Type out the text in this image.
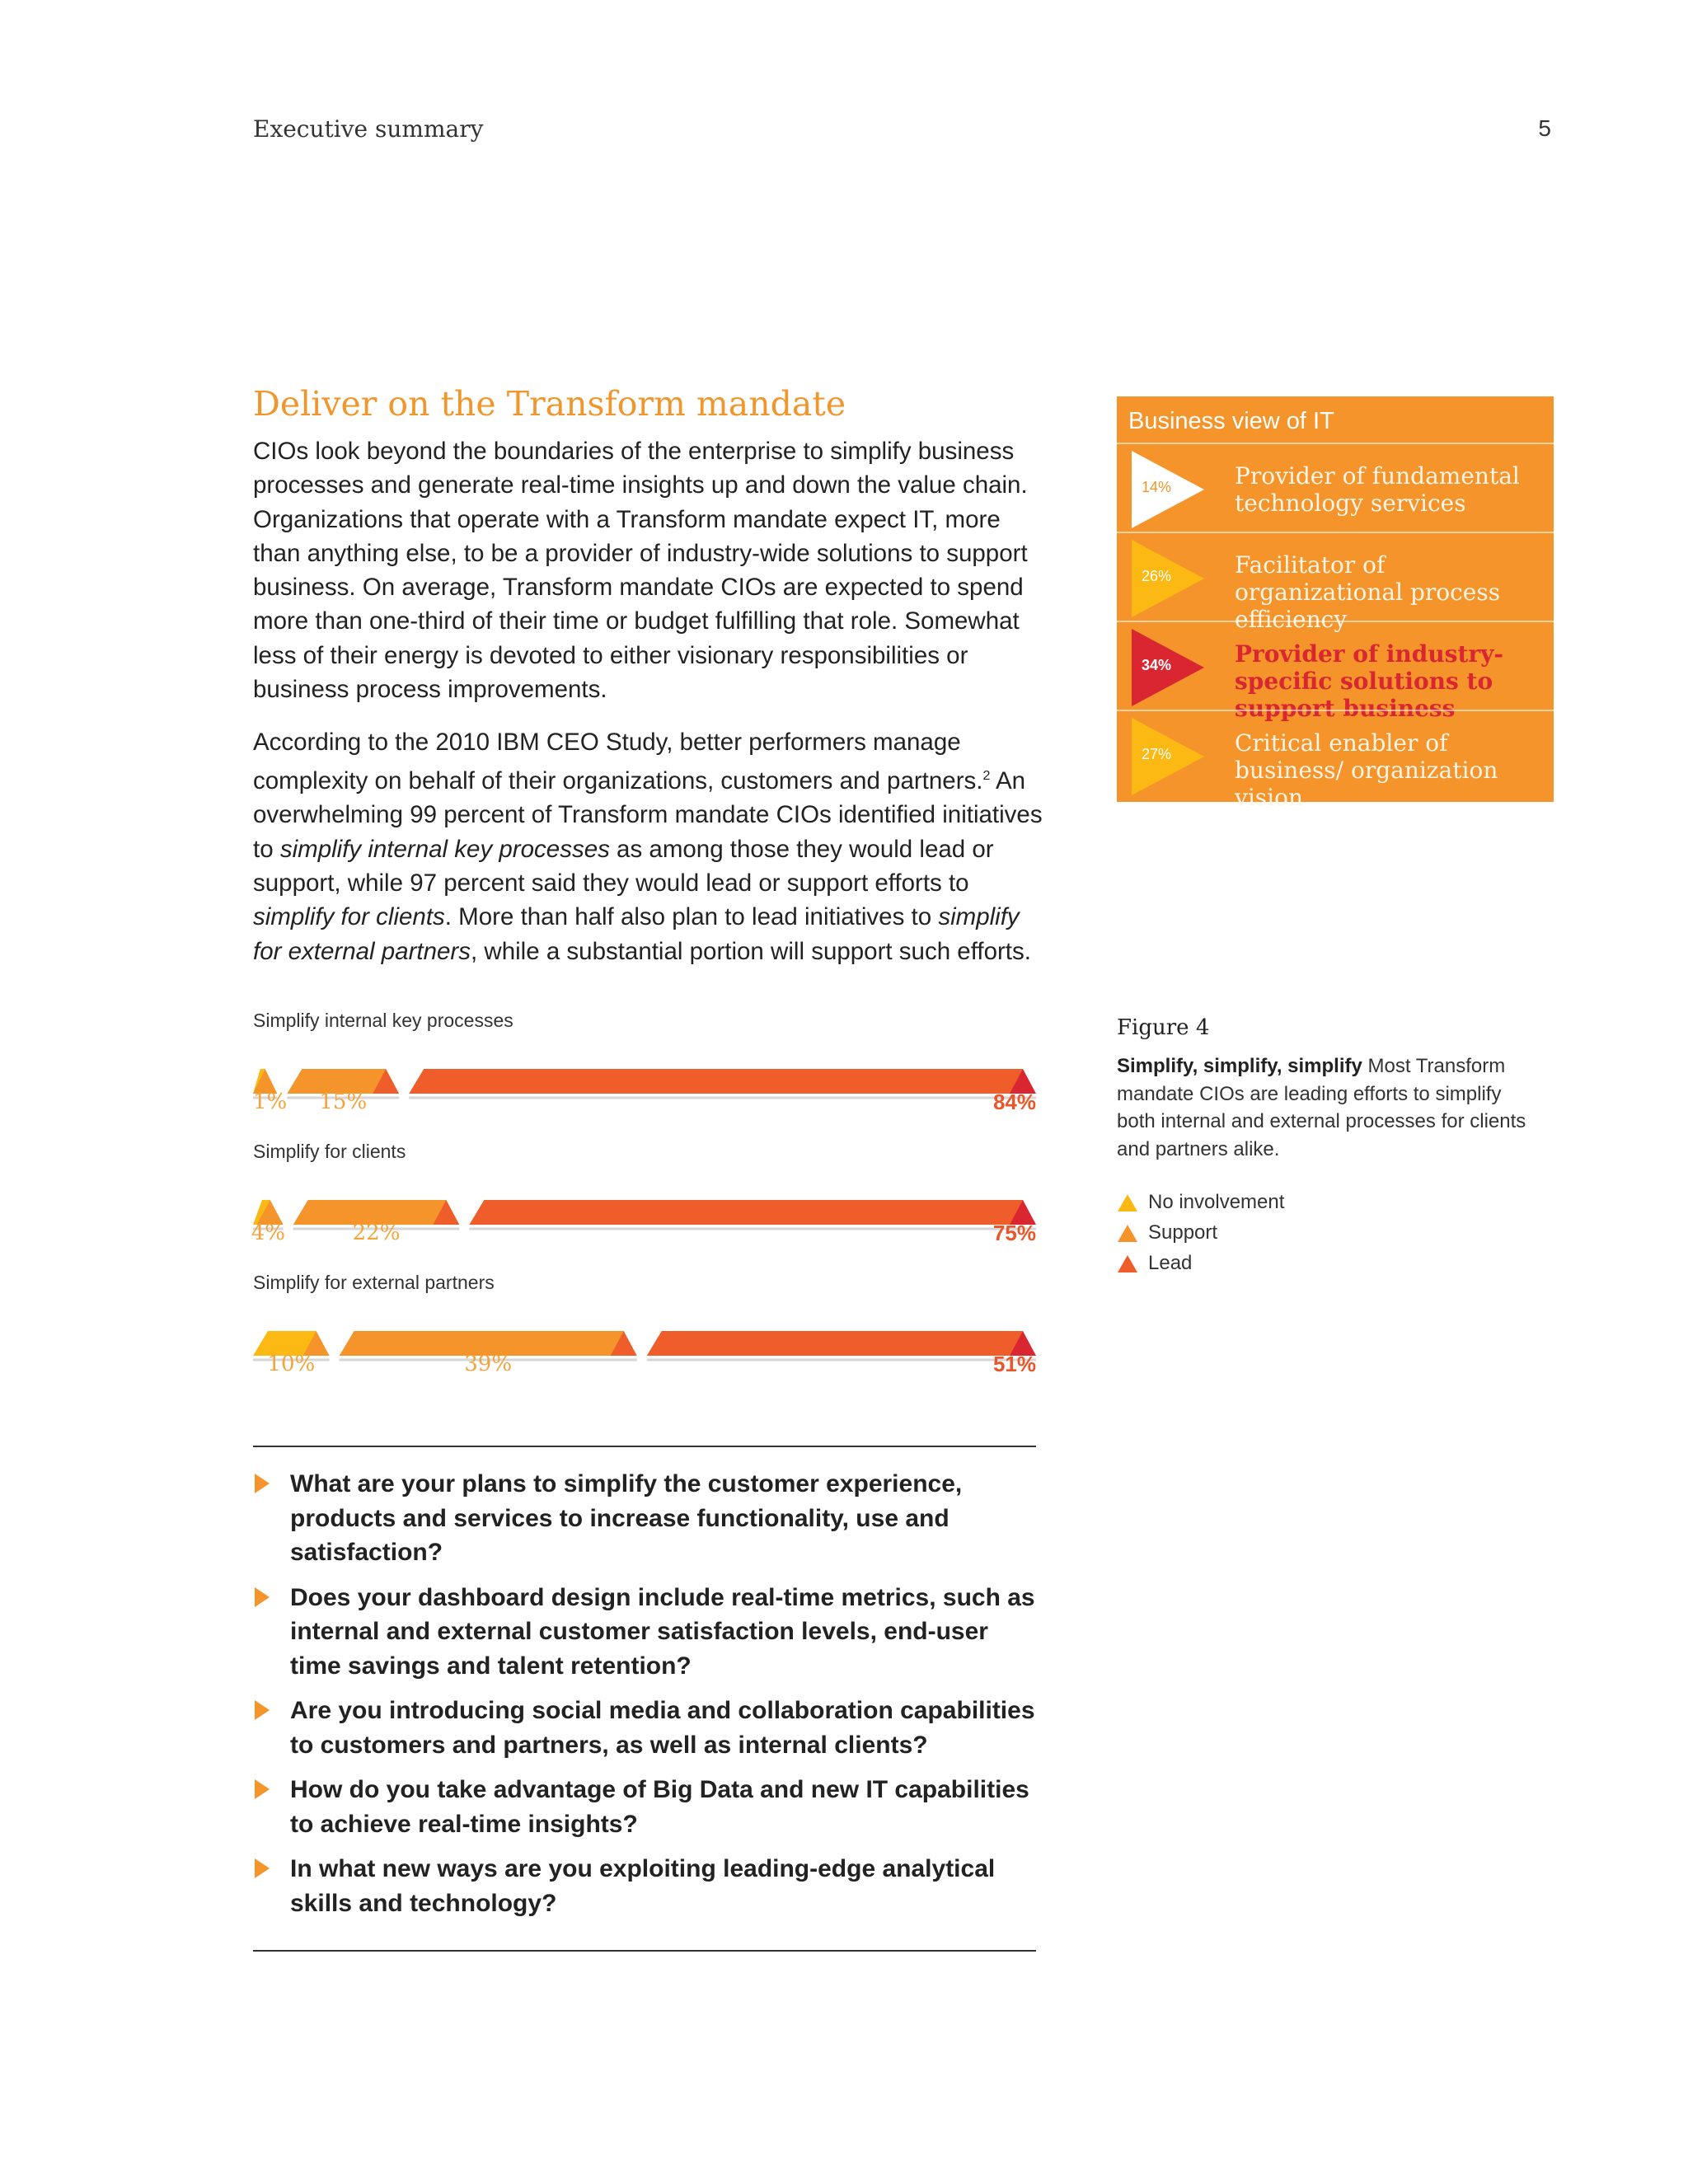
Executive summary	5
Deliver on the Transform mandate

CIOs look beyond the boundaries of the enterprise to simplify business processes and generate real-time insights up and down the value chain. Organizations that operate with a Transform mandate expect IT, more than anything else, to be a provider of industry-wide solutions to support business. On average, Transform mandate CIOs are expected to spend more than one-third of their time or budget fulfilling that role. Somewhat less of their energy is devoted to either visionary responsibilities or business process improvements.

According to the 2010 IBM CEO Study, better performers manage complexity on behalf of their organizations, customers and partners.$^2$ An overwhelming 99 percent of Transform mandate CIOs identified initiatives to simplify internal key processes as among those they would lead or support, while 97 percent said they would lead or support efforts to simplify for clients. More than half also plan to lead initiatives to simplify for external partners, while a substantial portion will support such efforts.

Business view of IT
14%	Provider of fundamental technology services
26%	Facilitator of organizational process efficiency
34%	Provider of industry-specific solutions to support business
27%	Critical enabler of business/ organization vision
Simplify internal key processes
1% 15%	84%
Simplify for clients
4%	22%	75%
Simplify for external partners
10%	39%	51%
Figure 4

Simplify, simplify, simplify Most Transform mandate CIOs are leading efforts to simplify both internal and external processes for clients and partners alike.

No involvement
Support
Lead
What are your plans to simplify the customer experience, products and services to increase functionality, use and satisfaction?
Does your dashboard design include real-time metrics, such as internal and external customer satisfaction levels, end-user time savings and talent retention?
Are you introducing social media and collaboration capabilities to customers and partners, as well as internal clients?
How do you take advantage of Big Data and new IT capabilities to achieve real-time insights?
In what new ways are you exploiting leading-edge analytical skills and technology?
